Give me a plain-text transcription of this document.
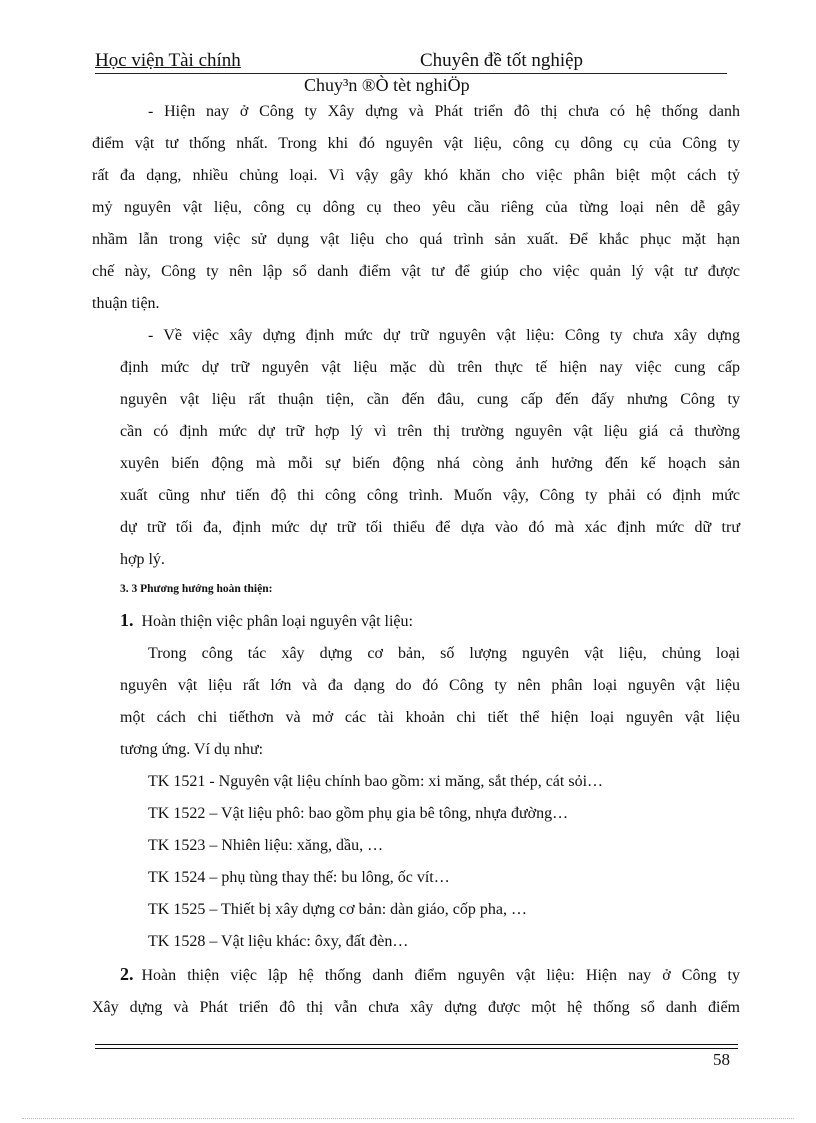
Học viện Tài chính	Chuyên đề tốt nghiệp
Chuy³n ®Ò tèt nghiÖp

- Hiện nay ở Công ty Xây dựng và Phát triển đô thị chưa có hệ thống danh
điểm vật tư thống nhất. Trong khi đó nguyên vật liệu, công cụ dông cụ của Công ty
rất đa dạng, nhiều chủng loại. Vì vậy gây khó khăn cho việc phân biệt một cách tỷ
mỷ nguyên vật liệu, công cụ dông cụ theo yêu cầu riêng của từng loại nên dễ gây
nhầm lẫn trong việc sử dụng vật liệu cho quá trình sản xuất. Để khắc phục mặt hạn
chế này, Công ty nên lập sổ danh điểm vật tư để giúp cho việc quản lý vật tư được
thuận tiện.

- Về việc xây dựng định mức dự trữ nguyên vật liệu: Công ty chưa xây dựng
định mức dự trữ nguyên vật liệu mặc dù trên thực tế hiện nay việc cung cấp
nguyên vật liệu rất thuận tiện, cần đến đâu, cung cấp đến đấy nhưng Công ty
cần có định mức dự trữ hợp lý vì trên thị trường nguyên vật liệu giá cả thường
xuyên biến động mà mỗi sự biến động nhá còng ảnh hưởng đến kế hoạch sản
xuất cũng như tiến độ thi công công trình. Muốn vậy, Công ty phải có định mức
dự trữ tối đa, định mức dự trữ tối thiểu để dựa vào đó mà xác định mức dữ trư
hợp lý.

3. 3 Phương hướng hoàn thiện:
1. Hoàn thiện việc phân loại nguyên vật liệu:
Trong công tác xây dựng cơ bản, số lượng nguyên vật liệu, chủng loại
nguyên vật liệu rất lớn và đa dạng do đó Công ty nên phân loại nguyên vật liệu
một cách chi tiếthơn và mở các tài khoản chi tiết thể hiện loại nguyên vật liệu
tương ứng. Ví dụ như:
TK 1521 - Nguyên vật liệu chính bao gồm: xi măng, sắt thép, cát sỏi…
TK 1522 – Vật liệu phô: bao gồm phụ gia bê tông, nhựa đường…
TK 1523 – Nhiên liệu: xăng, dầu, …
TK 1524 – phụ tùng thay thế: bu lông, ốc vít…
TK 1525 – Thiết bị xây dựng cơ bản: dàn giáo, cốp pha, …
TK 1528 – Vật liệu khác: ôxy, đất đèn…
2. Hoàn thiện việc lập hệ thống danh điểm nguyên vật liệu: Hiện nay ở Công ty
Xây dựng và Phát triển đô thị vẫn chưa xây dựng được một hệ thống sổ danh điểm
58
